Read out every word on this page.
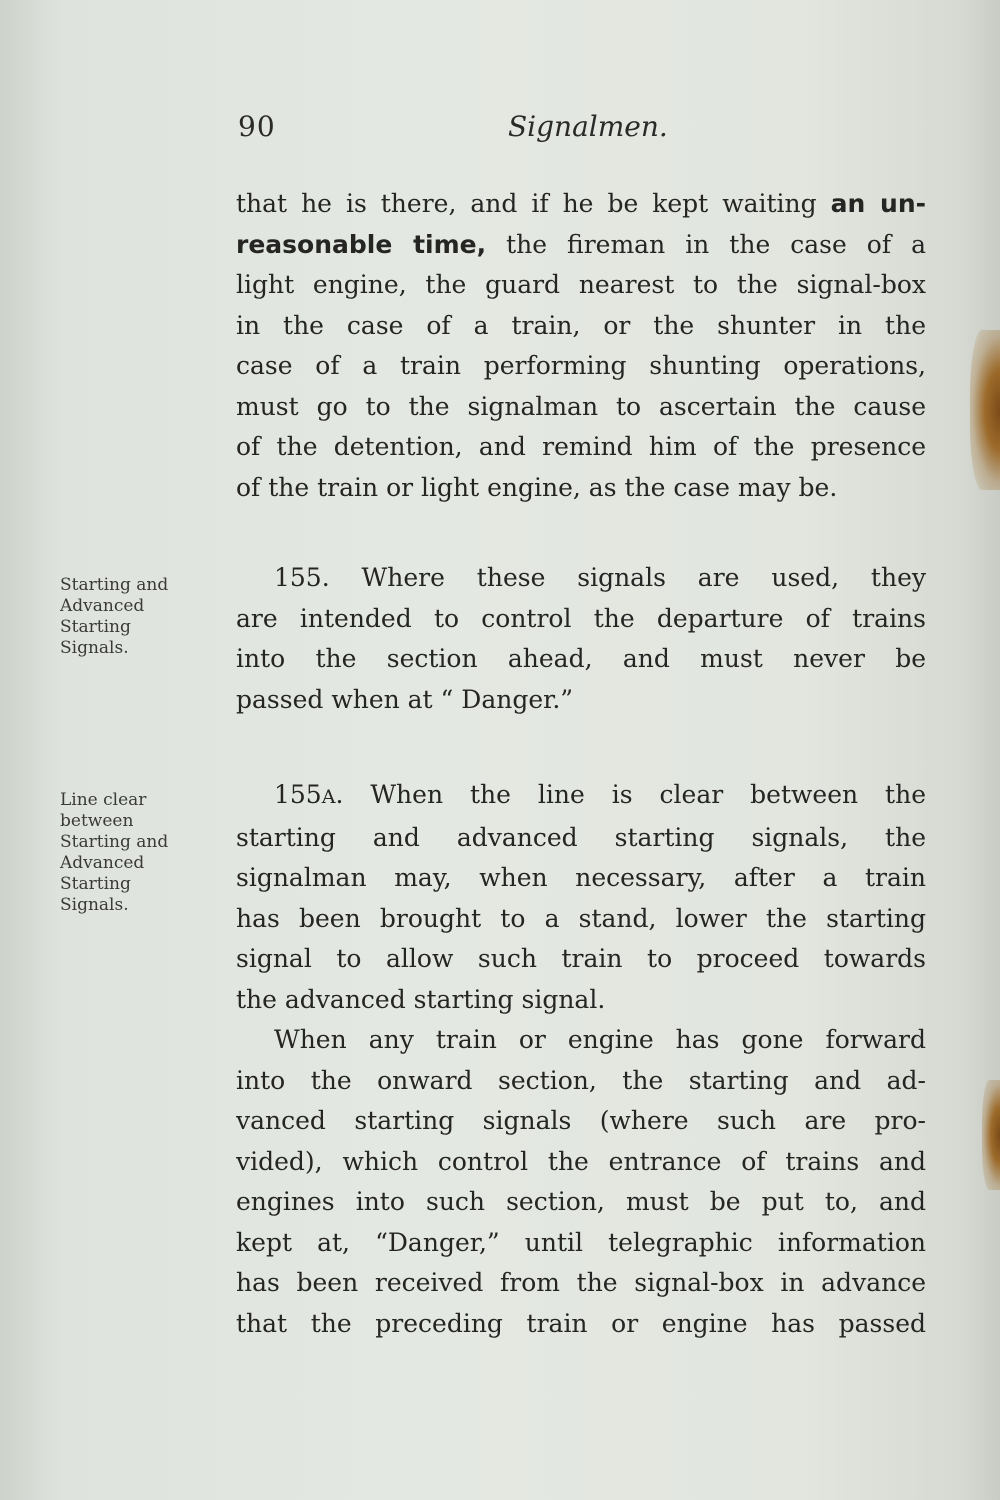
90	Signalmen.
Starting and
Advanced
Starting
Signals.
Line clear
between
Starting and
Advanced
Starting
Signals.
that he is there, and if he be kept waiting an un-
reasonable time, the fireman in the case of a
light engine, the guard nearest to the signal-box
in the case of a train, or the shunter in the
case of a train performing shunting operations,
must go to the signalman to ascertain the cause
of the detention, and remind him of the presence
of the train or light engine, as the case may be.
155. Where these signals are used, they
are intended to control the departure of trains
into the section ahead, and must never be
passed when at “ Danger.”
155A. When the line is clear between the
starting and advanced starting signals, the
signalman may, when necessary, after a train
has been brought to a stand, lower the starting
signal to allow such train to proceed towards
the advanced starting signal.
When any train or engine has gone forward
into the onward section, the starting and ad-
vanced starting signals (where such are pro-
vided), which control the entrance of trains and
engines into such section, must be put to, and
kept at, “Danger,” until telegraphic information
has been received from the signal-box in advance
that the preceding train or engine has passed
